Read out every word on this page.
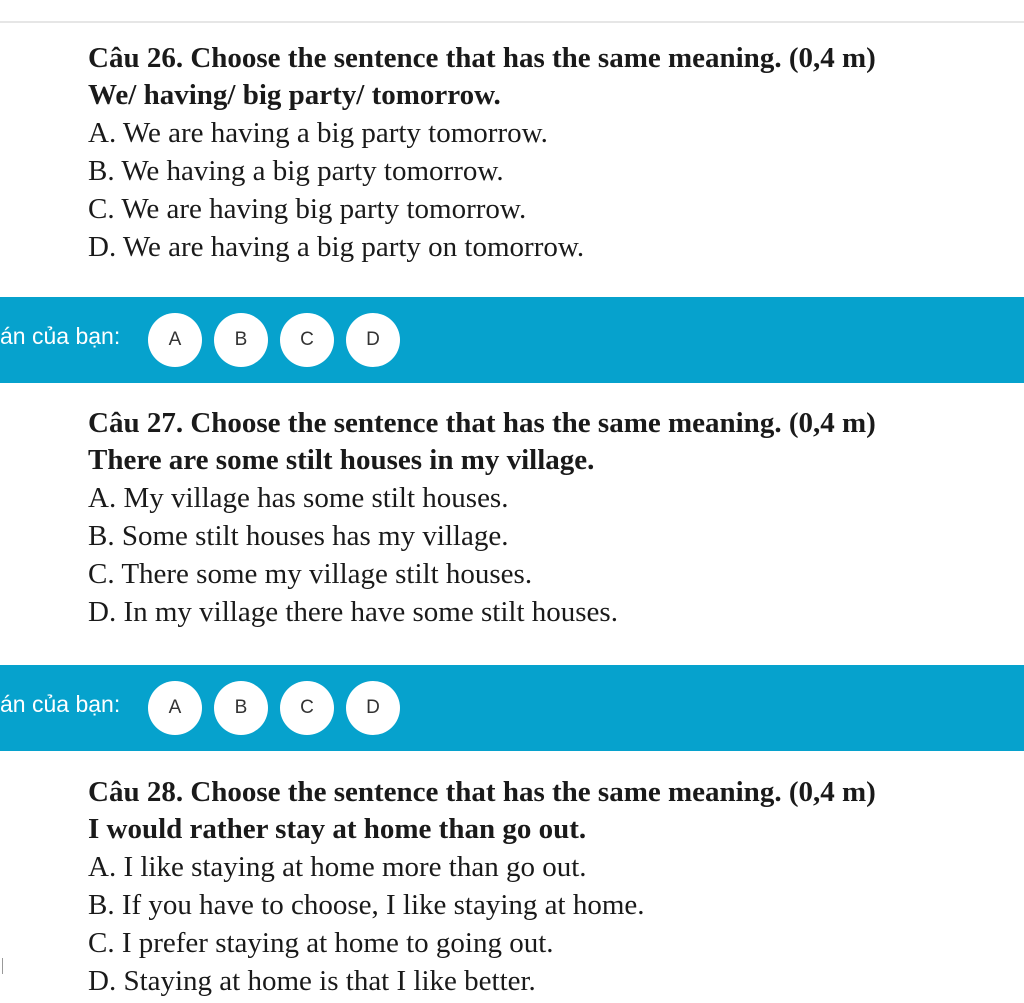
Câu 26. Choose the sentence that has the same meaning. (0,4 m)
We/ having/ big party/ tomorrow.
A. We are having a big party tomorrow.
B. We having a big party tomorrow.
C. We are having big party tomorrow.
D. We are having a big party on tomorrow.
án của bạn:	A	B	C	D
Câu 27. Choose the sentence that has the same meaning. (0,4 m)
There are some stilt houses in my village.
A. My village has some stilt houses.
B. Some stilt houses has my village.
C. There some my village stilt houses.
D. In my village there have some stilt houses.
án của bạn:	A	B	C	D
Câu 28. Choose the sentence that has the same meaning. (0,4 m)
I would rather stay at home than go out.
A. I like staying at home more than go out.
B. If you have to choose, I like staying at home.
C. I prefer staying at home to going out.
D. Staying at home is that I like better.
